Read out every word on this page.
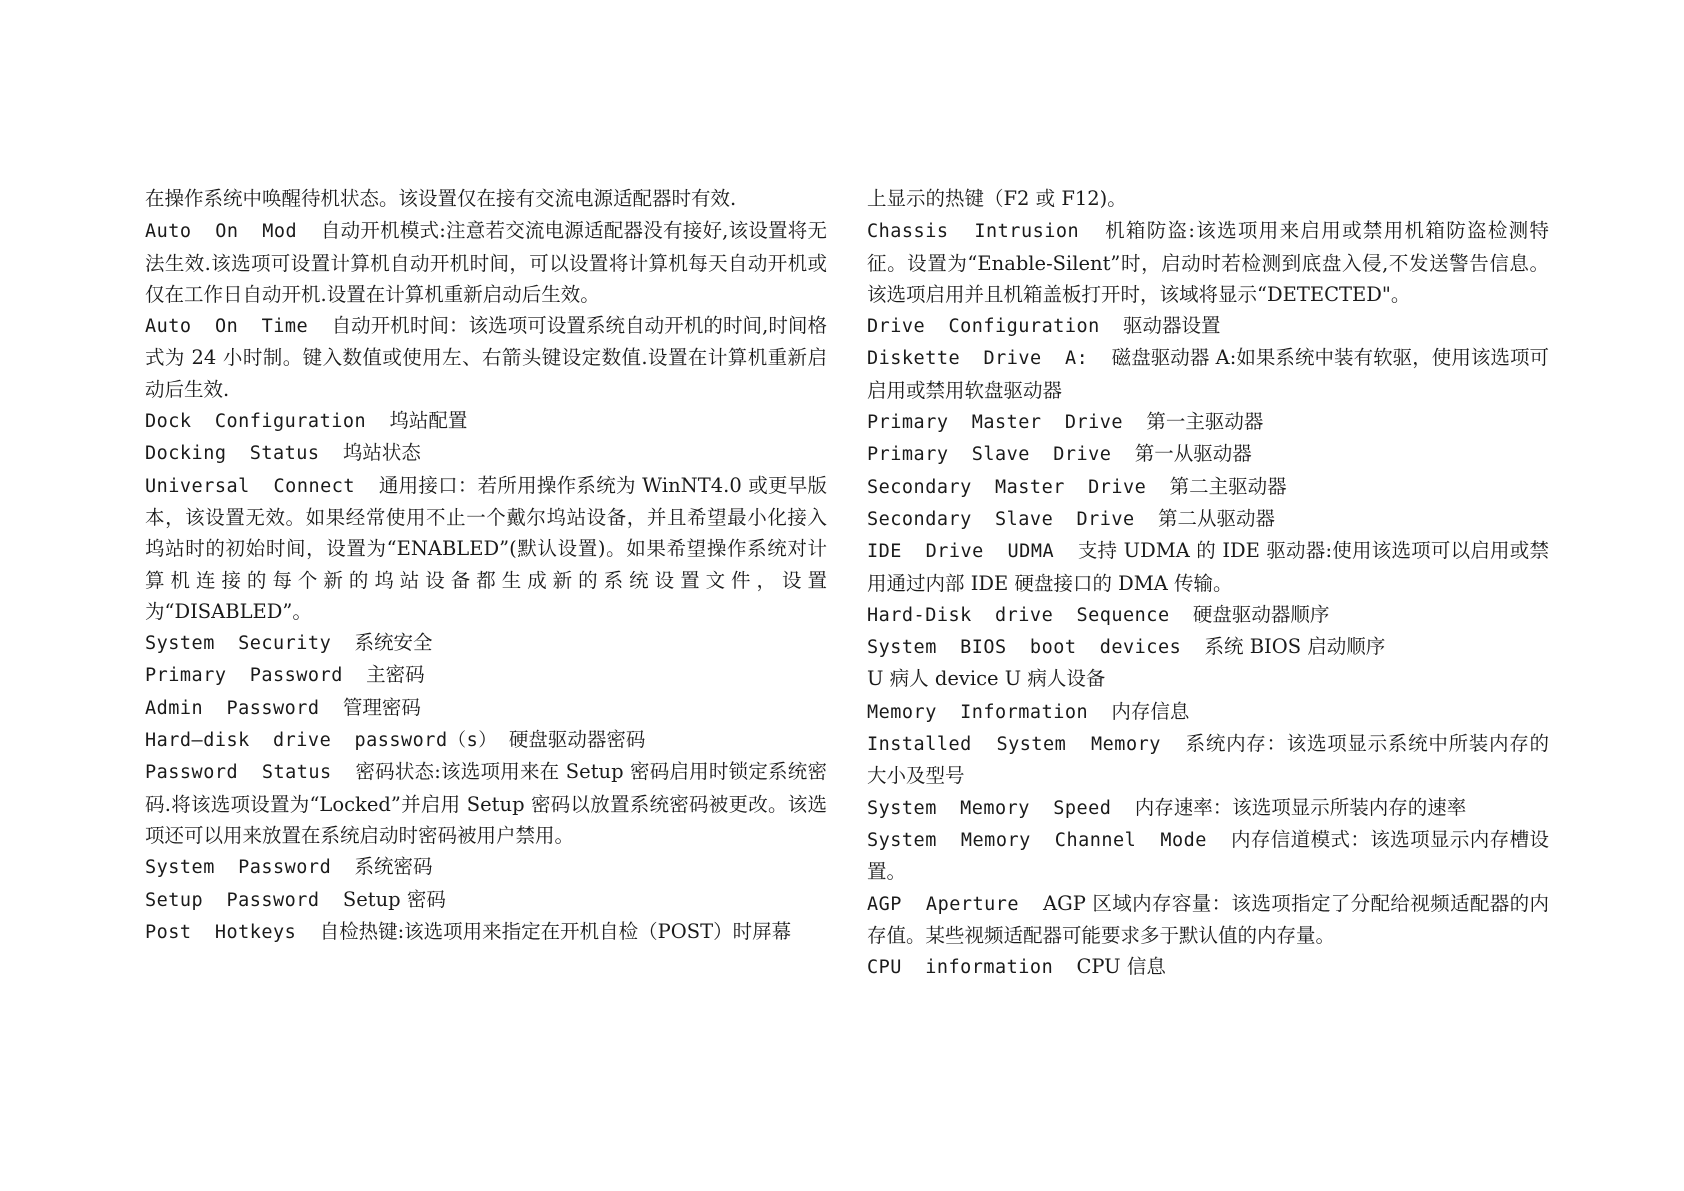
在操作系统中唤醒待机状态。该设置仅在接有交流电源适配器时有效.

Auto  On  Mod  自动开机模式:注意若交流电源适配器没有接好,该设置将无法生效.该选项可设置计算机自动开机时间，可以设置将计算机每天自动开机或仅在工作日自动开机.设置在计算机重新启动后生效。

Auto  On  Time  自动开机时间：该选项可设置系统自动开机的时间,时间格式为 24 小时制。键入数值或使用左、右箭头键设定数值.设置在计算机重新启动后生效.

Dock  Configuration  坞站配置

Docking  Status  坞站状态

Universal  Connect  通用接口：若所用操作系统为 WinNT4.0 或更早版本，该设置无效。如果经常使用不止一个戴尔坞站设备，并且希望最小化接入坞站时的初始时间，设置为“ENABLED”(默认设置)。如果希望操作系统对计算机连接的每个新的坞站设备都生成新的系统设置文件，设置为“DISABLED”。

System  Security  系统安全

Primary  Password  主密码

Admin  Password  管理密码

Hard—disk  drive  password（s） 硬盘驱动器密码

Password  Status  密码状态:该选项用来在 Setup 密码启用时锁定系统密码.将该选项设置为“Locked”并启用 Setup 密码以放置系统密码被更改。该选项还可以用来放置在系统启动时密码被用户禁用。

System  Password  系统密码

Setup  Password  Setup 密码

Post  Hotkeys  自检热键:该选项用来指定在开机自检（POST）时屏幕

上显示的热键（F2 或 F12)。

Chassis  Intrusion  机箱防盗:该选项用来启用或禁用机箱防盗检测特征。设置为“Enable-Silent”时，启动时若检测到底盘入侵,不发送警告信息。该选项启用并且机箱盖板打开时，该域将显示“DETECTED"。

Drive  Configuration  驱动器设置

Diskette  Drive  A:  磁盘驱动器 A:如果系统中装有软驱，使用该选项可启用或禁用软盘驱动器

Primary  Master  Drive  第一主驱动器

Primary  Slave  Drive  第一从驱动器

Secondary  Master  Drive  第二主驱动器

Secondary  Slave  Drive  第二从驱动器

IDE  Drive  UDMA  支持 UDMA 的 IDE 驱动器:使用该选项可以启用或禁用通过内部 IDE 硬盘接口的 DMA 传输。

Hard-Disk  drive  Sequence  硬盘驱动器顺序

System  BIOS  boot  devices  系统 BIOS 启动顺序

U 病人 device U 病人设备

Memory  Information  内存信息

Installed  System  Memory  系统内存：该选项显示系统中所装内存的大小及型号

System  Memory  Speed  内存速率：该选项显示所装内存的速率

System  Memory  Channel  Mode  内存信道模式：该选项显示内存槽设置。

AGP  Aperture  AGP 区域内存容量：该选项指定了分配给视频适配器的内存值。某些视频适配器可能要求多于默认值的内存量。

CPU  information  CPU 信息
